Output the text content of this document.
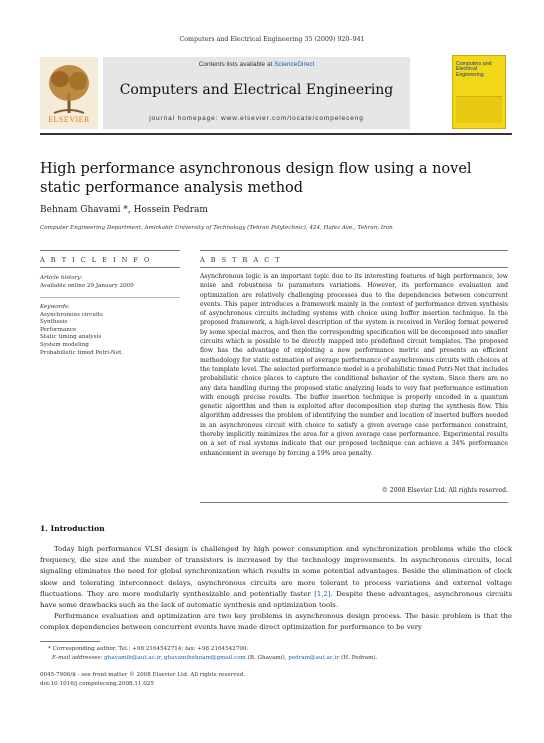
Computers and Electrical Engineering 35 (2009) 920–941
ELSEVIER
Contents lists available at ScienceDirect
Computers and Electrical Engineering
journal homepage: www.elsevier.com/locate/compeleceng
Computers and Electrical Engineering
High performance asynchronous design flow using a novel static performance analysis method
Behnam Ghavami *, Hossein Pedram
Computer Engineering Department, Amirkabir University of Technology (Tehran Polytechnic), 424, Hafez Ave., Tehran, Iran
A R T I C L E I N F O	A B S T R A C T
Article history:
Available online 29 January 2009
Keywords:
Asynchronous circuits
Synthesis
Performance
Static timing analysis
System modeling
Probabilistic timed Petri-Net
Asynchronous logic is an important topic due to its interesting features of high performance, low noise and robustness to parameters variations. However, its performance evaluation and optimization are relatively challenging processes due to the dependencies between concurrent events. This paper introduces a framework mainly in the context of performance driven synthesis of asynchronous circuits including systems with choice using buffer insertion technique. In the proposed framework, a high-level description of the system is received in Verilog format powered by some special macros, and then the corresponding specification will be decomposed into smaller circuits which is possible to be directly mapped into predefined circuit templates. The proposed flow has the advantage of exploiting a new performance metric and presents an efficient methodology for static estimation of average performance of asynchronous circuits with choices at the template level. The selected performance model is a probabilistic timed Petri-Net that includes probabilistic choice places to capture the conditional behavior of the system. Since there are no any data handling during the proposed static analyzing leads to very fast performance estimation with enough precise results. The buffer insertion technique is properly encoded in a quantum genetic algorithm and then is exploited after decomposition step during the synthesis flow. This algorithm addresses the problem of identifying the number and location of inserted buffers needed in an asynchronous circuit with choice to satisfy a given average case performance constraint, thereby implicitly minimizes the area for a given average case performance. Experimental results on a set of real systems indicate that our proposed technique can achieve a 34% performance enhancement in average by forcing a 19% area penalty.
© 2008 Elsevier Ltd. All rights reserved.
1. Introduction

Today high performance VLSI design is challenged by high power consumption and synchronization problems while the clock frequency, die size and the number of transistors is increased by the technology improvements. In asynchronous circuits, local signaling eliminates the need for global synchronization which results in some potential advantages. Beside the elimination of clock skew and tolerating interconnect delays, asynchronous circuits are more tolerant to process variations and external voltage fluctuations. They are more modularly synthesizable and potentially faster [1,2]. Despite these advantages, asynchronous circuits have some drawbacks such as the lack of automatic synthesis and optimization tools.

Performance evaluation and optimization are two key problems in asynchronous design process. The basic problem is that the complex dependencies between concurrent events have made direct optimization for performance to be very

* Corresponding author. Tel.: +98 2164542714; fax: +98 2164542700.
E-mail addresses: ghavamib@aut.ac.ir, ghavamibehnam@gmail.com (B. Ghavami), pedram@aut.ac.ir (H. Pedram).
0045-7906/$ - see front matter © 2008 Elsevier Ltd. All rights reserved.
doi:10.1016/j.compeleceng.2008.11.025
